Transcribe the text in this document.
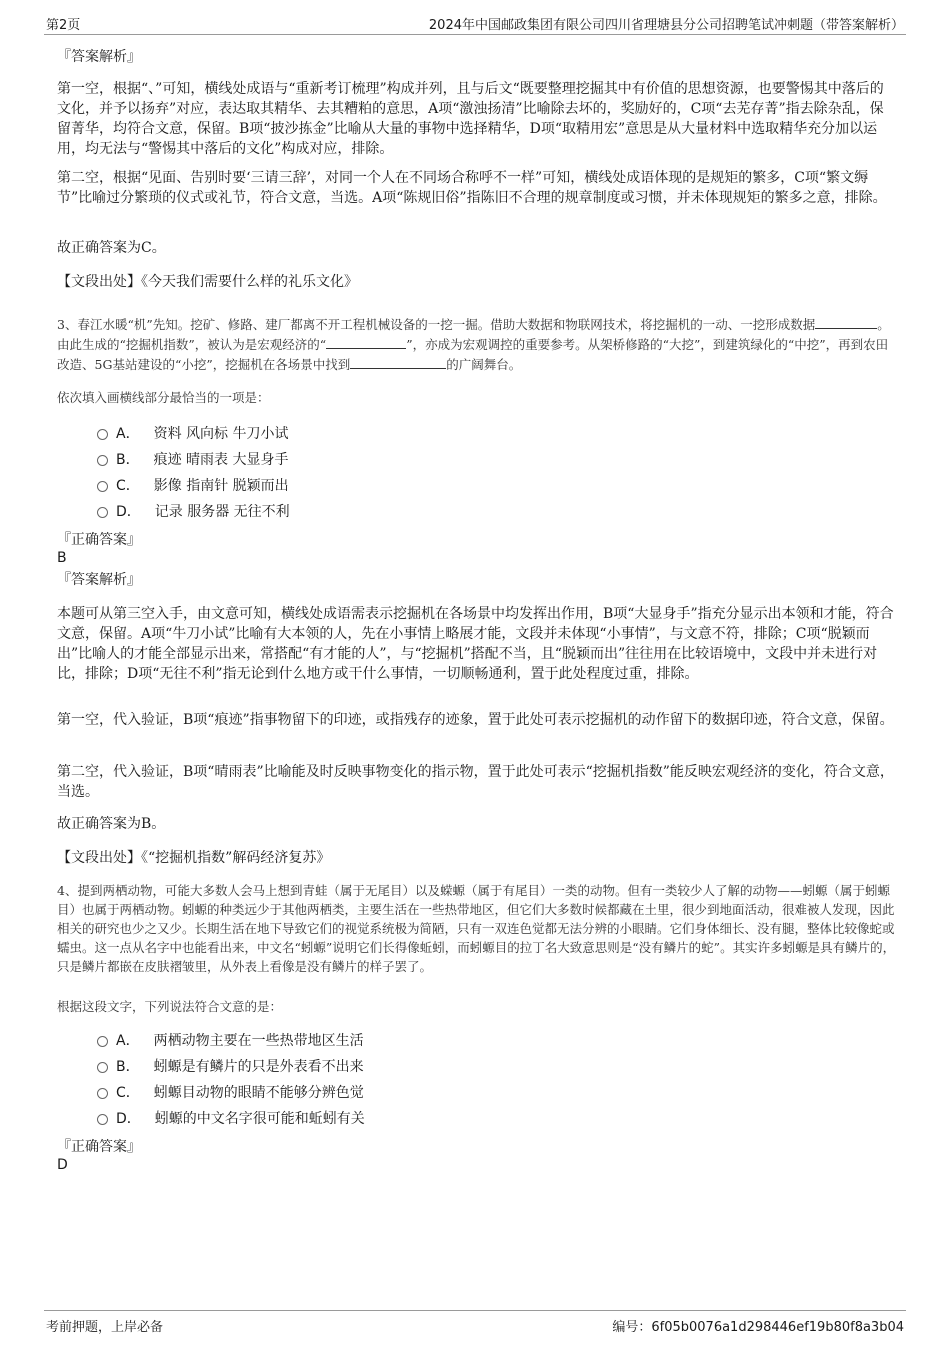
第2页	2024年中国邮政集团有限公司四川省理塘县分公司招聘笔试冲刺题（带答案解析）
『答案解析』
第一空，根据“、”可知，横线处成语与“重新考订梳理”构成并列，且与后文“既要整理挖掘其中有价值的思想资源，也要警惕其中落后的文化，并予以扬弃”对应，表达取其精华、去其糟粕的意思，A项“激浊扬清”比喻除去坏的，奖励好的，C项“去芜存菁”指去除杂乱，保留菁华，均符合文意，保留。B项“披沙拣金”比喻从大量的事物中选择精华，D项“取精用宏”意思是从大量材料中选取精华充分加以运用，均无法与“警惕其中落后的文化”构成对应，排除。
第二空，根据“见面、告别时要‘三请三辞’，对同一个人在不同场合称呼不一样”可知，横线处成语体现的是规矩的繁多，C项“繁文缛节”比喻过分繁琐的仪式或礼节，符合文意，当选。A项“陈规旧俗”指陈旧不合理的规章制度或习惯，并未体现规矩的繁多之意，排除。
故正确答案为C。
【文段出处】《今天我们需要什么样的礼乐文化》
3、春江水暖“机”先知。挖矿、修路、建厂都离不开工程机械设备的一挖一掘。借助大数据和物联网技术，将挖掘机的一动、一挖形成数据	。由此生成的“挖掘机指数”，被认为是宏观经济的“	”，亦成为宏观调控的重要参考。从架桥修路的“大挖”，到建筑绿化的“中挖”，再到农田改造、5G基站建设的“小挖”，挖掘机在各场景中找到	的广阔舞台。
依次填入画横线部分最恰当的一项是：
A． 资料 风向标 牛刀小试
B． 痕迹 晴雨表 大显身手
C． 影像 指南针 脱颖而出
D． 记录 服务器 无往不利
『正确答案』
B
『答案解析』
本题可从第三空入手，由文意可知，横线处成语需表示挖掘机在各场景中均发挥出作用，B项“大显身手”指充分显示出本领和才能，符合文意，保留。A项“牛刀小试”比喻有大本领的人，先在小事情上略展才能，文段并未体现“小事情”，与文意不符，排除；C项“脱颖而出”比喻人的才能全部显示出来，常搭配“有才能的人”，与“挖掘机”搭配不当，且“脱颖而出”往往用在比较语境中，文段中并未进行对比，排除；D项“无往不利”指无论到什么地方或干什么事情，一切顺畅通利，置于此处程度过重，排除。
第一空，代入验证，B项“痕迹”指事物留下的印迹，或指残存的迹象，置于此处可表示挖掘机的动作留下的数据印迹，符合文意，保留。
第二空，代入验证，B项“晴雨表”比喻能及时反映事物变化的指示物，置于此处可表示“挖掘机指数”能反映宏观经济的变化，符合文意，当选。
故正确答案为B。
【文段出处】《“挖掘机指数”解码经济复苏》
4、提到两栖动物，可能大多数人会马上想到青蛙（属于无尾目）以及蝾螈（属于有尾目）一类的动物。但有一类较少人了解的动物——蚓螈（属于蚓螈目）也属于两栖动物。蚓螈的种类远少于其他两栖类，主要生活在一些热带地区，但它们大多数时候都藏在土里，很少到地面活动，很难被人发现，因此相关的研究也少之又少。长期生活在地下导致它们的视觉系统极为简陋，只有一双连色觉都无法分辨的小眼睛。它们身体细长、没有腿，整体比较像蛇或蠕虫。这一点从名字中也能看出来，中文名“蚓螈”说明它们长得像蚯蚓，而蚓螈目的拉丁名大致意思则是“没有鳞片的蛇”。其实许多蚓螈是具有鳞片的，只是鳞片都嵌在皮肤褶皱里，从外表上看像是没有鳞片的样子罢了。
根据这段文字，下列说法符合文意的是：
A． 两栖动物主要在一些热带地区生活
B． 蚓螈是有鳞片的只是外表看不出来
C． 蚓螈目动物的眼睛不能够分辨色觉
D． 蚓螈的中文名字很可能和蚯蚓有关
『正确答案』
D
考前押题，上岸必备	编号：6f05b0076a1d298446ef19b80f8a3b04
